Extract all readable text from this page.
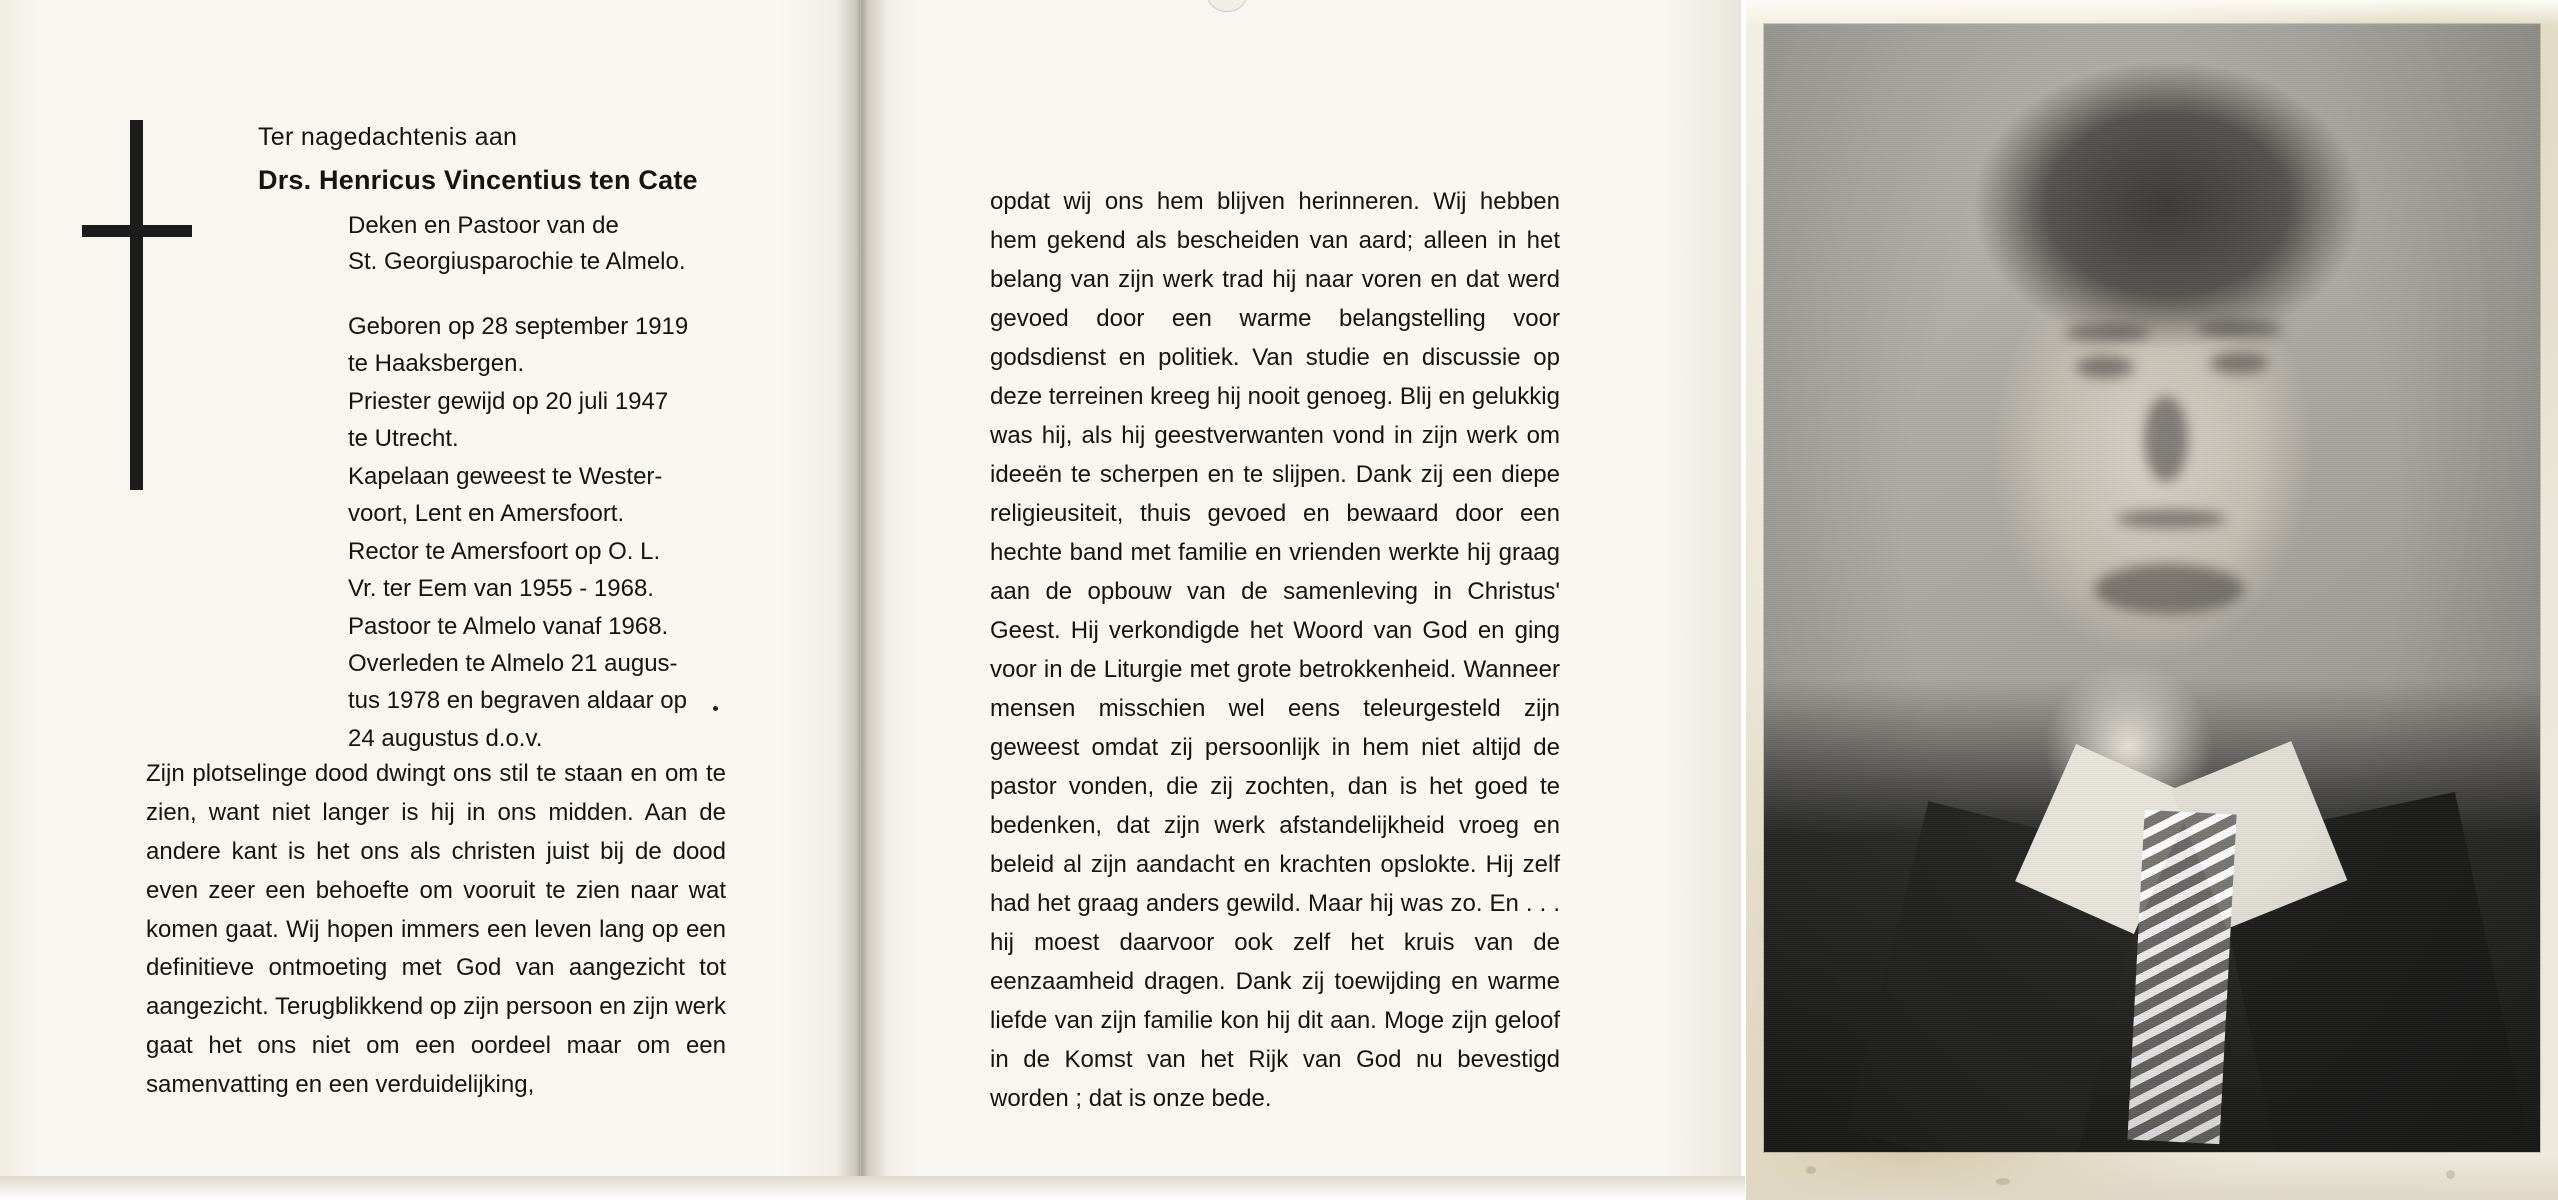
Ter nagedachtenis aan
Drs. Henricus Vincentius ten Cate
Deken en Pastoor van de
St. Georgiusparochie te Almelo.
Geboren op 28 september 1919
te Haaksbergen.
Priester gewijd op 20 juli 1947
te Utrecht.
Kapelaan geweest te Wester-
voort, Lent en Amersfoort.
Rector te Amersfoort op O. L.
Vr. ter Eem van 1955 - 1968.
Pastoor te Almelo vanaf 1968.
Overleden te Almelo 21 augus-
tus 1978 en begraven aldaar op
24 augustus d.o.v.
Zijn plotselinge dood dwingt ons stil te staan en om te zien, want niet langer is hij in ons midden. Aan de andere kant is het ons als christen juist bij de dood even zeer een behoefte om vooruit te zien naar wat komen gaat. Wij hopen immers een leven lang op een definitieve ontmoeting met God van aangezicht tot aangezicht. Terugblikkend op zijn persoon en zijn werk gaat het ons niet om een oordeel maar om een samenvatting en een verduidelijking,
opdat wij ons hem blijven herinneren. Wij hebben hem gekend als bescheiden van aard; alleen in het belang van zijn werk trad hij naar voren en dat werd gevoed door een warme belangstelling voor godsdienst en politiek. Van studie en discussie op deze terreinen kreeg hij nooit genoeg. Blij en gelukkig was hij, als hij geestverwanten vond in zijn werk om ideeën te scherpen en te slijpen. Dank zij een diepe religieusiteit, thuis gevoed en bewaard door een hechte band met familie en vrienden werkte hij graag aan de opbouw van de samenleving in Christus' Geest. Hij verkondigde het Woord van God en ging voor in de Liturgie met grote betrokkenheid. Wanneer mensen misschien wel eens teleurgesteld zijn geweest omdat zij persoonlijk in hem niet altijd de pastor vonden, die zij zochten, dan is het goed te bedenken, dat zijn werk afstandelijkheid vroeg en beleid al zijn aandacht en krachten opslokte. Hij zelf had het graag anders gewild. Maar hij was zo. En . . . hij moest daarvoor ook zelf het kruis van de eenzaamheid dragen. Dank zij toewijding en warme liefde van zijn familie kon hij dit aan. Moge zijn geloof in de Komst van het Rijk van God nu bevestigd worden ; dat is onze bede.
